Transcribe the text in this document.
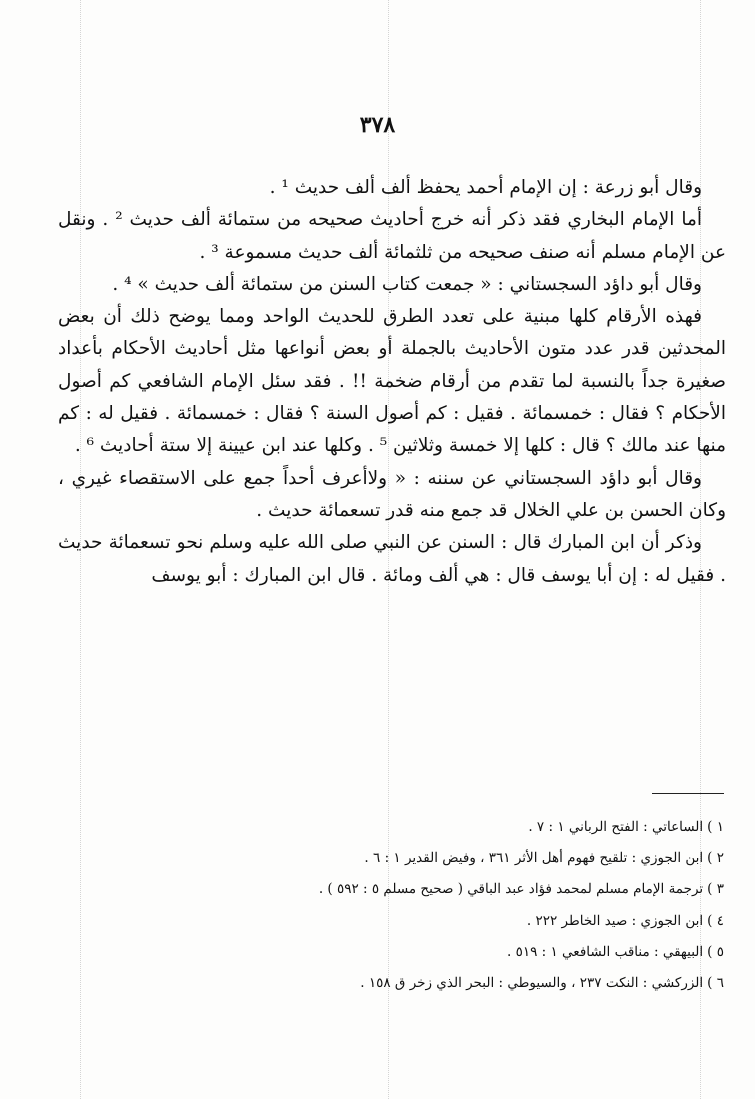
٣٧٨

وقال أبو زرعة : إن الإمام أحمد يحفظ ألف ألف حديث ¹ .

أما الإمام البخاري فقد ذكر أنه خرج أحاديث صحيحه من ستمائة ألف حديث ² . ونقل عن الإمام مسلم أنه صنف صحيحه من ثلثمائة ألف حديث مسموعة ³ .

وقال أبو داؤد السجستاني : « جمعت كتاب السنن من ستمائة ألف حديث » ⁴ .

فهذه الأرقام كلها مبنية على تعدد الطرق للحديث الواحد ومما يوضح ذلك أن بعض المحدثين قدر عدد متون الأحاديث بالجملة أو بعض أنواعها مثل أحاديث الأحكام بأعداد صغيرة جداً بالنسبة لما تقدم من أرقام ضخمة !! . فقد سئل الإمام الشافعي كم أصول الأحكام ؟ فقال : خمسمائة . فقيل : كم أصول السنة ؟ فقال : خمسمائة . فقيل له : كم منها عند مالك ؟ قال : كلها إلا خمسة وثلاثين ⁵ . وكلها عند ابن عيينة إلا ستة أحاديث ⁶ .

وقال أبو داؤد السجستاني عن سننه : « ولاأعرف أحداً جمع على الاستقصاء غيري ، وكان الحسن بن علي الخلال قد جمع منه قدر تسعمائة حديث .

وذكر أن ابن المبارك قال : السنن عن النبي صلى الله عليه وسلم نحو تسعمائة حديث . فقيل له : إن أبا يوسف قال : هي ألف ومائة . قال ابن المبارك : أبو يوسف

١ )الساعاتي : الفتح الرباني ١ : ٧ .
٢ )ابن الجوزي : تلقيح فهوم أهل الأثر ٣٦١ ، وفيض القدير ١ : ٦ .
٣ )ترجمة الإمام مسلم لمحمد فؤاد عبد الباقي ( صحيح مسلم ٥ : ٥٩٢ ) .
٤ )ابن الجوزي : صيد الخاطر ٢٢٢ .
٥ )البيهقي : مناقب الشافعي ١ : ٥١٩ .
٦ )الزركشي : النكت ٢٣٧ ، والسيوطي : البحر الذي زخر ق ١٥٨ .
